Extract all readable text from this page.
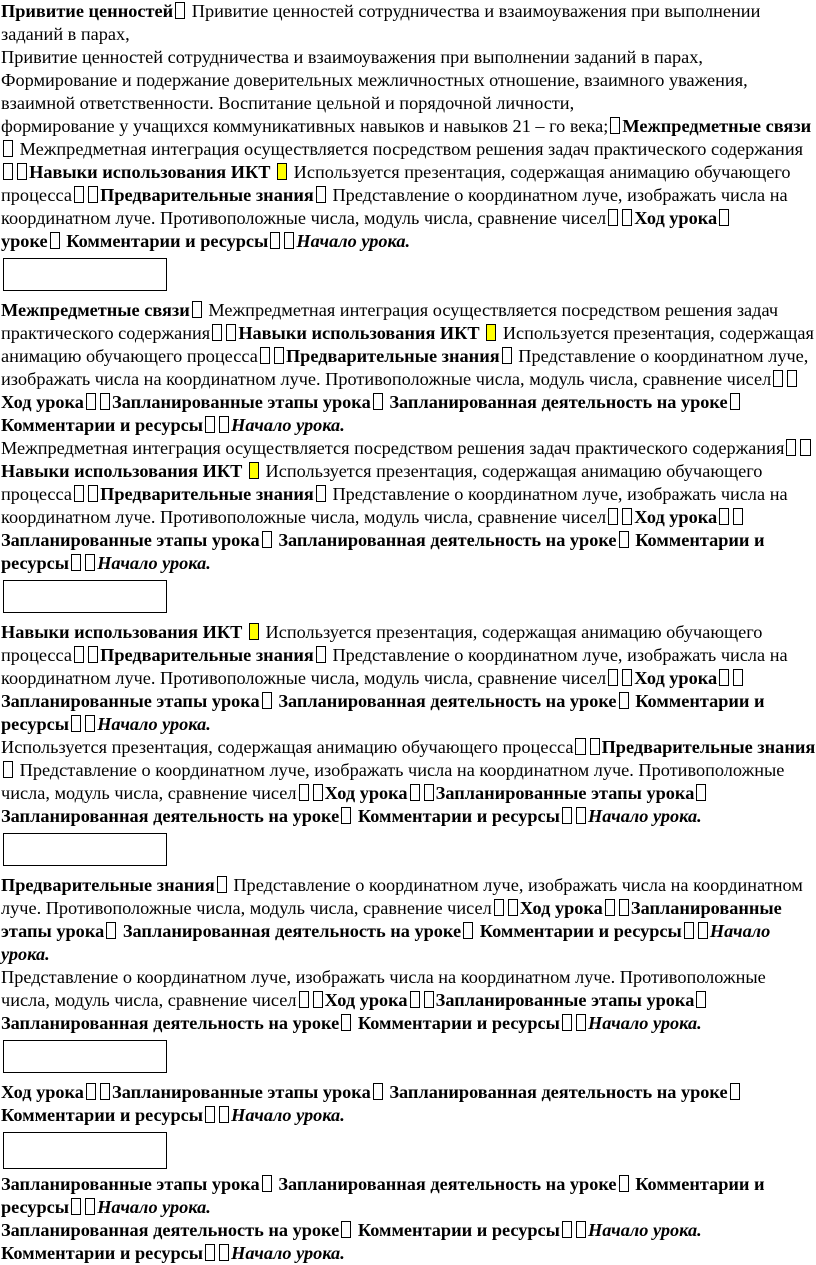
Привитие ценностей Привитие ценностей сотрудничества и взаимоуважения при выполнении заданий в парах,

Привитие ценностей сотрудничества и взаимоуважения при выполнении заданий в парах,

Формирование и подержание доверительных межличностных отношение, взаимного уважения, взаимной ответственности. Воспитание цельной и порядочной личности,

формирование у учащихся коммуникативных навыков и навыков 21 – го века; Межпредметные связи Межпредметная интеграция осуществляется посредством решения задач практического содержанияНавыки использования ИКТ Используется презентация, содержащая анимацию обучающего процесса Предварительные знания Представление о координатном луче, изображать числа на координатном луче. Противоположные числа, модуль числа, сравнение чисел Ход урока
уроке Комментарии и ресурсы Начало урока.

Межпредметные связи Межпредметная интеграция осуществляется посредством решения задач практического содержания Навыки использования ИКТ Используется презентация, содержащая анимацию обучающего процесса Предварительные знания Представление о координатном луче, изображать числа на координатном луче. Противоположные числа, модуль числа, сравнение чиселХод урока Запланированные этапы урока Запланированная деятельность на уроке Комментарии и ресурсы Начало урока.

Межпредметная интеграция осуществляется посредством решения задач практического содержанияНавыки использования ИКТ Используется презентация, содержащая анимацию обучающего процесса Предварительные знания Представление о координатном луче, изображать числа на координатном луче. Противоположные числа, модуль числа, сравнение чисел Ход урокаЗапланированные этапы урока Запланированная деятельность на уроке Комментарии и ресурсы Начало урока.

Навыки использования ИКТ Используется презентация, содержащая анимацию обучающего процесса Предварительные знания Представление о координатном луче, изображать числа на координатном луче. Противоположные числа, модуль числа, сравнение чисел Ход урокаЗапланированные этапы урока Запланированная деятельность на уроке Комментарии и ресурсы Начало урока.

Используется презентация, содержащая анимацию обучающего процесса Предварительные знания Представление о координатном луче, изображать числа на координатном луче. Противоположные числа, модуль числа, сравнение чисел Ход урока Запланированные этапы урока Запланированная деятельность на уроке Комментарии и ресурсы Начало урока.

Предварительные знания Представление о координатном луче, изображать числа на координатном луче. Противоположные числа, модуль числа, сравнение чисел Ход урока Запланированные этапы урока Запланированная деятельность на уроке Комментарии и ресурсы Начало урока.

Представление о координатном луче, изображать числа на координатном луче. Противоположные числа, модуль числа, сравнение чисел Ход урока Запланированные этапы урока Запланированная деятельность на уроке Комментарии и ресурсы Начало урока.

Ход урока Запланированные этапы урока Запланированная деятельность на уроке Комментарии и ресурсы Начало урока.

Запланированные этапы урока Запланированная деятельность на уроке Комментарии и ресурсы Начало урока.

Запланированная деятельность на уроке Комментарии и ресурсы Начало урока.

Комментарии и ресурсы Начало урока.
